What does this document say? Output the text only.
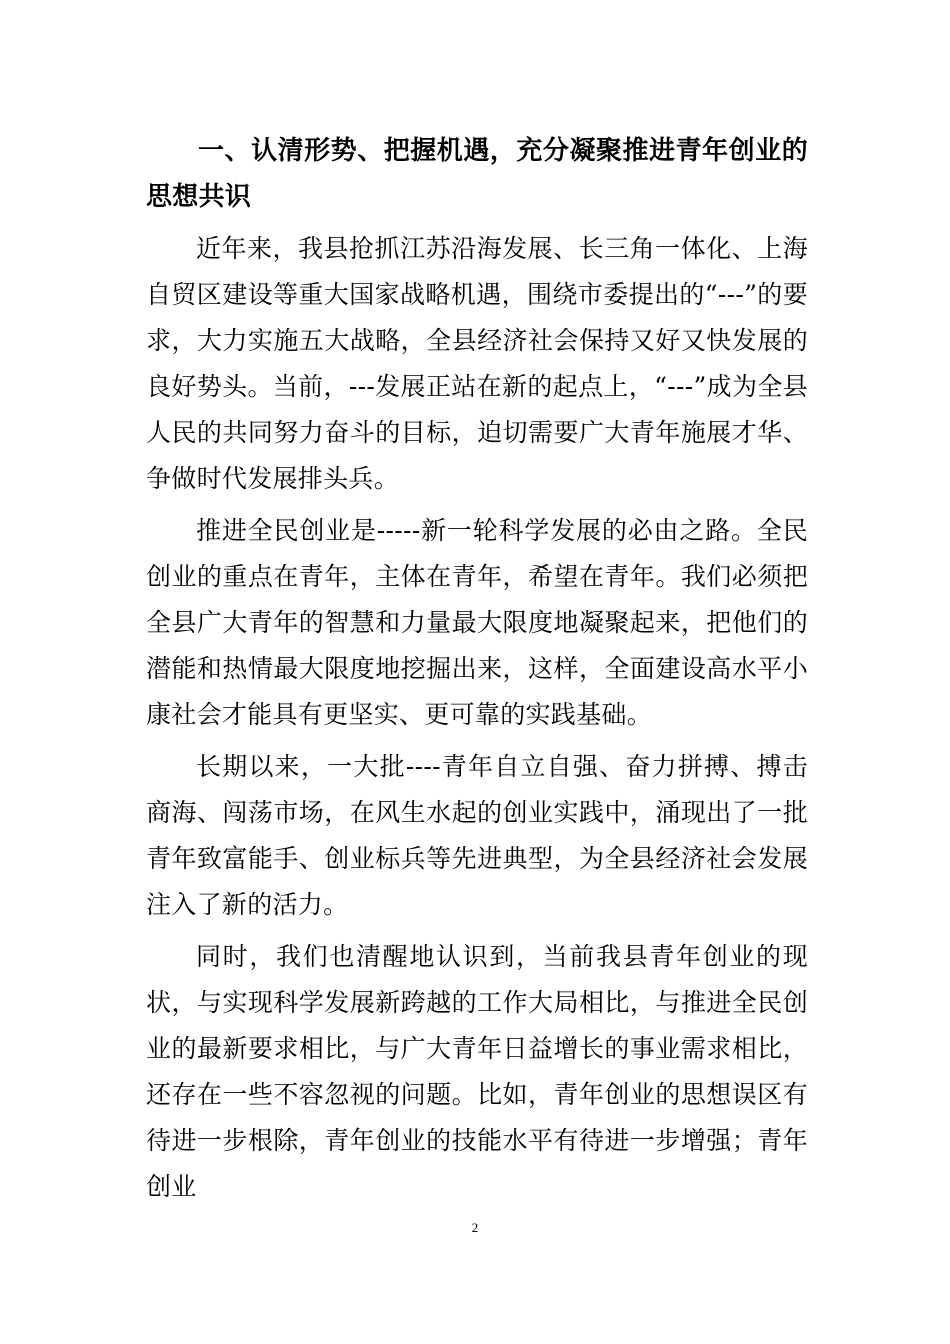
一、认清形势、把握机遇，充分凝聚推进青年创业的思想共识

近年来，我县抢抓江苏沿海发展、长三角一体化、上海自贸区建设等重大国家战略机遇，围绕市委提出的“---”的要求，大力实施五大战略，全县经济社会保持又好又快发展的良好势头。当前，---发展正站在新的起点上，“---”成为全县人民的共同努力奋斗的目标，迫切需要广大青年施展才华、争做时代发展排头兵。

推进全民创业是-----新一轮科学发展的必由之路。全民创业的重点在青年，主体在青年，希望在青年。我们必须把全县广大青年的智慧和力量最大限度地凝聚起来，把他们的潜能和热情最大限度地挖掘出来，这样，全面建设高水平小康社会才能具有更坚实、更可靠的实践基础。

长期以来，一大批----青年自立自强、奋力拼搏、搏击商海、闯荡市场，在风生水起的创业实践中，涌现出了一批青年致富能手、创业标兵等先进典型，为全县经济社会发展注入了新的活力。

同时，我们也清醒地认识到，当前我县青年创业的现状，与实现科学发展新跨越的工作大局相比，与推进全民创业的最新要求相比，与广大青年日益增长的事业需求相比，还存在一些不容忽视的问题。比如，青年创业的思想误区有待进一步根除，青年创业的技能水平有待进一步增强；青年创业

2
